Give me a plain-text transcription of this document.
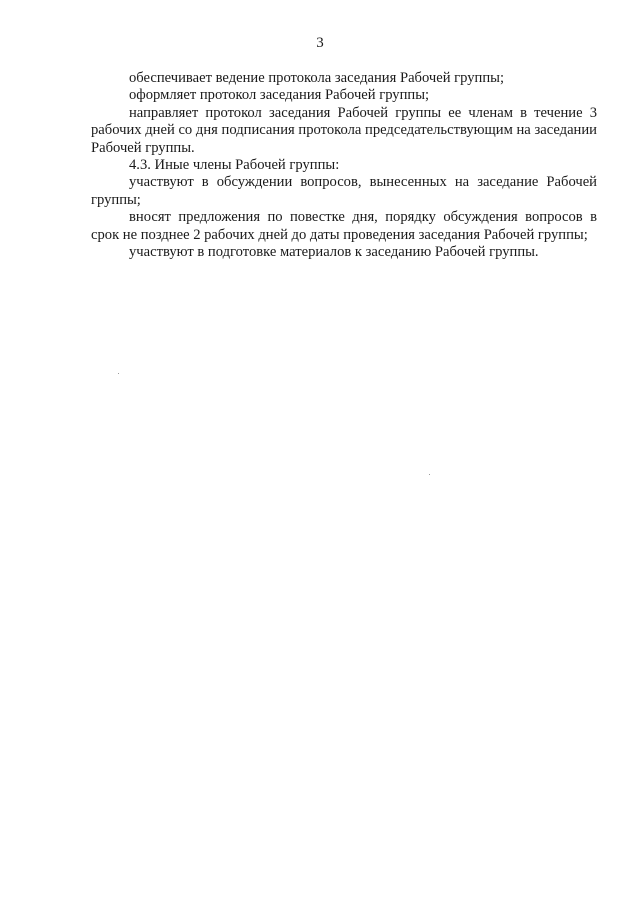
3

обеспечивает ведение протокола заседания Рабочей группы;

оформляет протокол заседания Рабочей группы;

направляет протокол заседания Рабочей группы ее членам в течение 3 рабочих дней со дня подписания протокола председательствующим на заседании Рабочей группы.

4.3. Иные члены Рабочей группы:

участвуют в обсуждении вопросов, вынесенных на заседание Рабочей группы;

вносят предложения по повестке дня, порядку обсуждения вопросов в срок не позднее 2 рабочих дней до даты проведения заседания Рабочей группы;

участвуют в подготовке материалов к заседанию Рабочей группы.
